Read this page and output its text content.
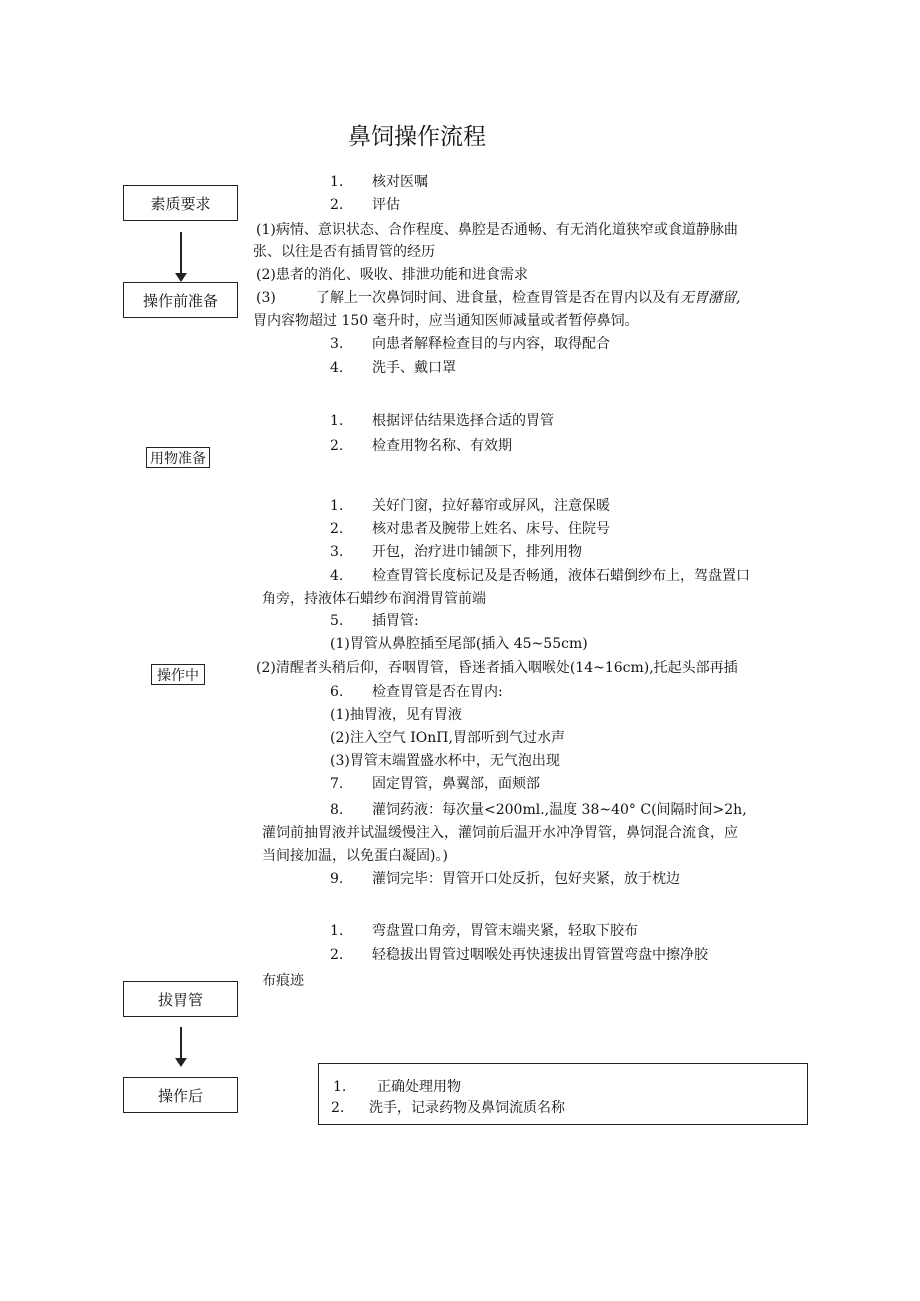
鼻饲操作流程
素质要求
操作前准备
用物准备
操作中
拔胃管
操作后
1. 核对医嘱
2. 评估
(1)病情、意识状态、合作程度、鼻腔是否通畅、有无消化道狭窄或食道静脉曲
张、以往是否有插胃管的经历
(2)患者的消化、吸收、排泄功能和进食需求
(3)	了解上一次鼻饲时间、进食量，检查胃管是否在胃内以及有无胃潴留,
胃内容物超过 150 毫升时，应当通知医师减量或者暂停鼻饲。
3. 向患者解释检查目的与内容，取得配合
4. 洗手、戴口罩
1. 根据评估结果选择合适的胃管
2. 检查用物名称、有效期
1. 关好门窗，拉好幕帘或屏风，注意保暖
2. 核对患者及腕带上姓名、床号、住院号
3. 开包，治疗进巾铺颌下，排列用物
4. 检查胃管长度标记及是否畅通，液体石蜡倒纱布上，驾盘置口
角旁，持液体石蜡纱布润滑胃管前端
5. 插胃管:
(1)胃管从鼻腔插至尾部(插入 45~55cm)
(2)清醒者头稍后仰，吞咽胃管，昏迷者插入咽喉处(14~16cm),托起头部再插
6. 检查胃管是否在胃内:
(1)抽胃液，见有胃液
(2)注入空气 IOnΠ,胃部听到气过水声
(3)胃管末端置盛水杯中，无气泡出现
7. 固定胃管，鼻翼部，面颊部
8. 灌饲药液：每次量<200ml.,温度 38~40° C(间隔时间>2h,
灌饲前抽胃液并试温缓慢注入，灌饲前后温开水冲净胃管，鼻饲混合流食，应
当间接加温，以免蛋白凝固)。)
9. 灌饲完毕：胃管开口处反折，包好夹紧，放于枕边
1. 弯盘置口角旁，胃管末端夹紧，轻取下胶布
2. 轻稳拔出胃管过咽喉处再快速拔出胃管置弯盘中擦净胶
布痕迹
1. 正确处理用物
2. 洗手，记录药物及鼻饲流质名称
